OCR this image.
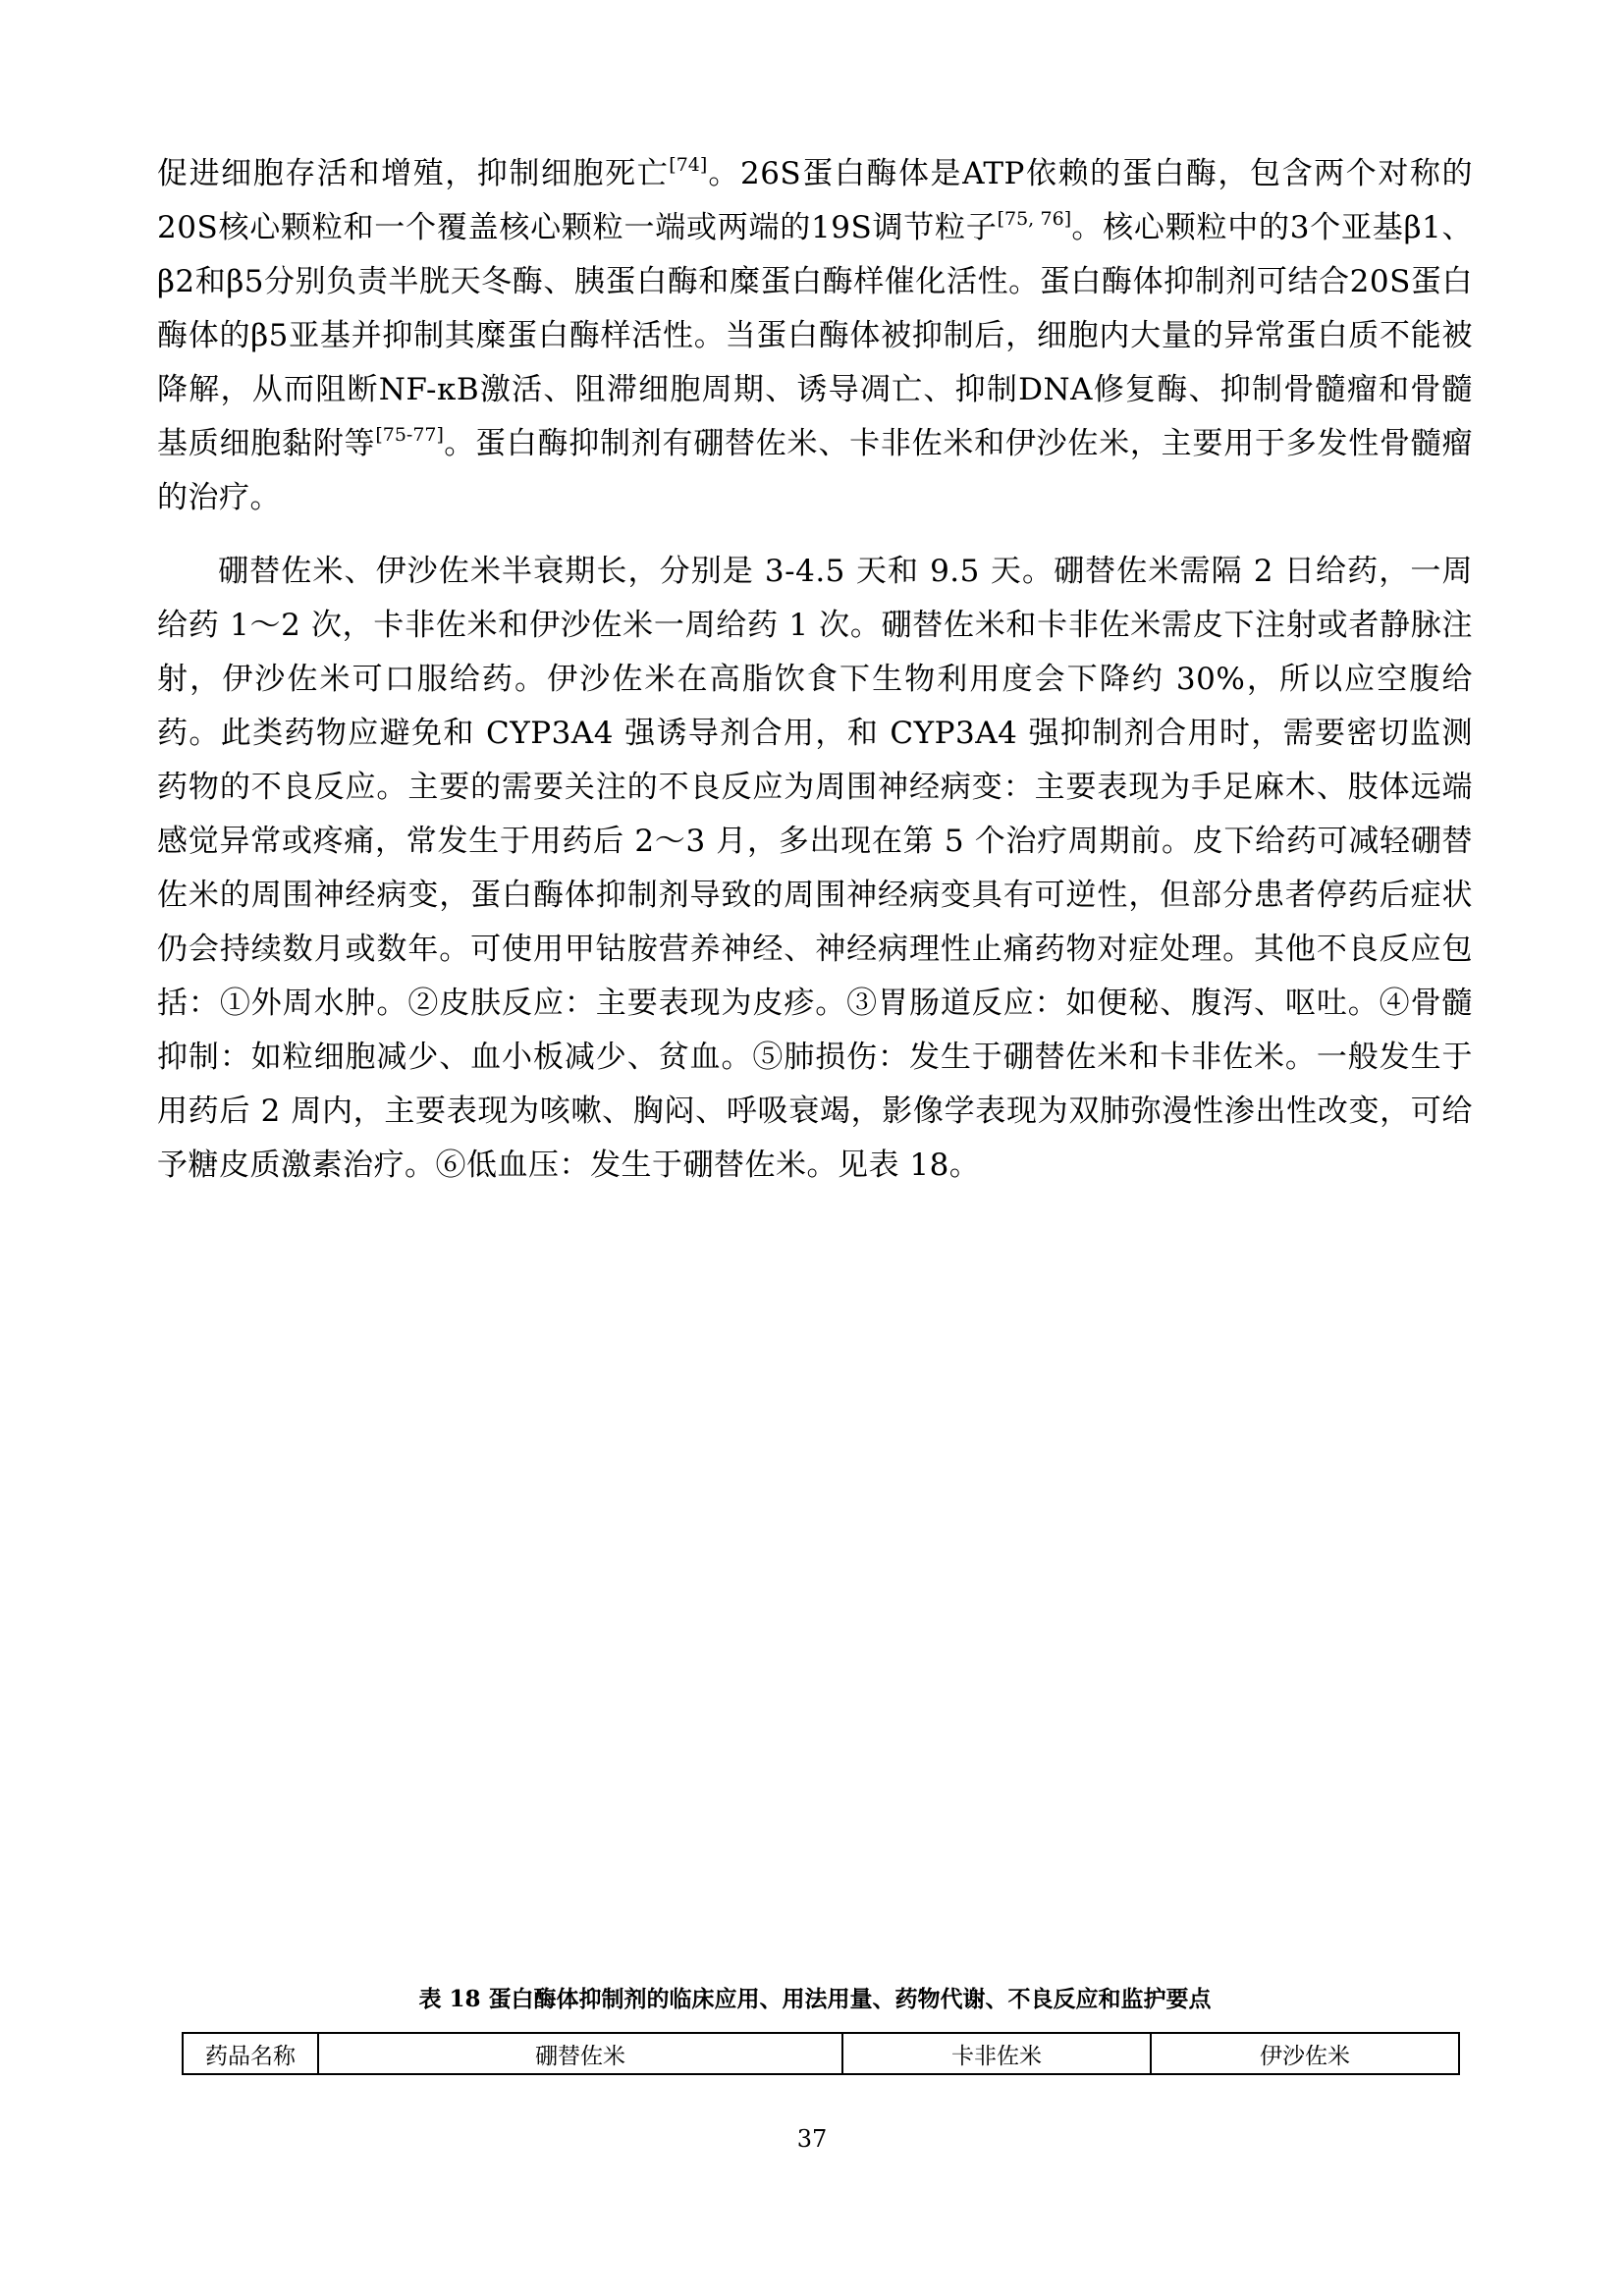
促进细胞存活和增殖，抑制细胞死亡[74]。26S蛋白酶体是ATP依赖的蛋白酶，包含两个对称的20S核心颗粒和一个覆盖核心颗粒一端或两端的19S调节粒子[75, 76]。核心颗粒中的3个亚基β1、β2和β5分别负责半胱天冬酶、胰蛋白酶和糜蛋白酶样催化活性。蛋白酶体抑制剂可结合20S蛋白酶体的β5亚基并抑制其糜蛋白酶样活性。当蛋白酶体被抑制后，细胞内大量的异常蛋白质不能被降解，从而阻断NF-κB激活、阻滞细胞周期、诱导凋亡、抑制DNA修复酶、抑制骨髓瘤和骨髓基质细胞黏附等[75-77]。蛋白酶抑制剂有硼替佐米、卡非佐米和伊沙佐米，主要用于多发性骨髓瘤的治疗。

硼替佐米、伊沙佐米半衰期长，分别是 3-4.5 天和 9.5 天。硼替佐米需隔 2 日给药，一周给药 1～2 次，卡非佐米和伊沙佐米一周给药 1 次。硼替佐米和卡非佐米需皮下注射或者静脉注射，伊沙佐米可口服给药。伊沙佐米在高脂饮食下生物利用度会下降约 30%，所以应空腹给药。此类药物应避免和 CYP3A4 强诱导剂合用，和 CYP3A4 强抑制剂合用时，需要密切监测药物的不良反应。主要的需要关注的不良反应为周围神经病变：主要表现为手足麻木、肢体远端感觉异常或疼痛，常发生于用药后 2～3 月，多出现在第 5 个治疗周期前。皮下给药可减轻硼替佐米的周围神经病变，蛋白酶体抑制剂导致的周围神经病变具有可逆性，但部分患者停药后症状仍会持续数月或数年。可使用甲钴胺营养神经、神经病理性止痛药物对症处理。其他不良反应包括：①外周水肿。②皮肤反应：主要表现为皮疹。③胃肠道反应：如便秘、腹泻、呕吐。④骨髓抑制：如粒细胞减少、血小板减少、贫血。⑤肺损伤：发生于硼替佐米和卡非佐米。一般发生于用药后 2 周内，主要表现为咳嗽、胸闷、呼吸衰竭，影像学表现为双肺弥漫性渗出性改变，可给予糖皮质激素治疗。⑥低血压：发生于硼替佐米。见表 18。

表 18 蛋白酶体抑制剂的临床应用、用法用量、药物代谢、不良反应和监护要点
药品名称	硼替佐米	卡非佐米	伊沙佐米
37
